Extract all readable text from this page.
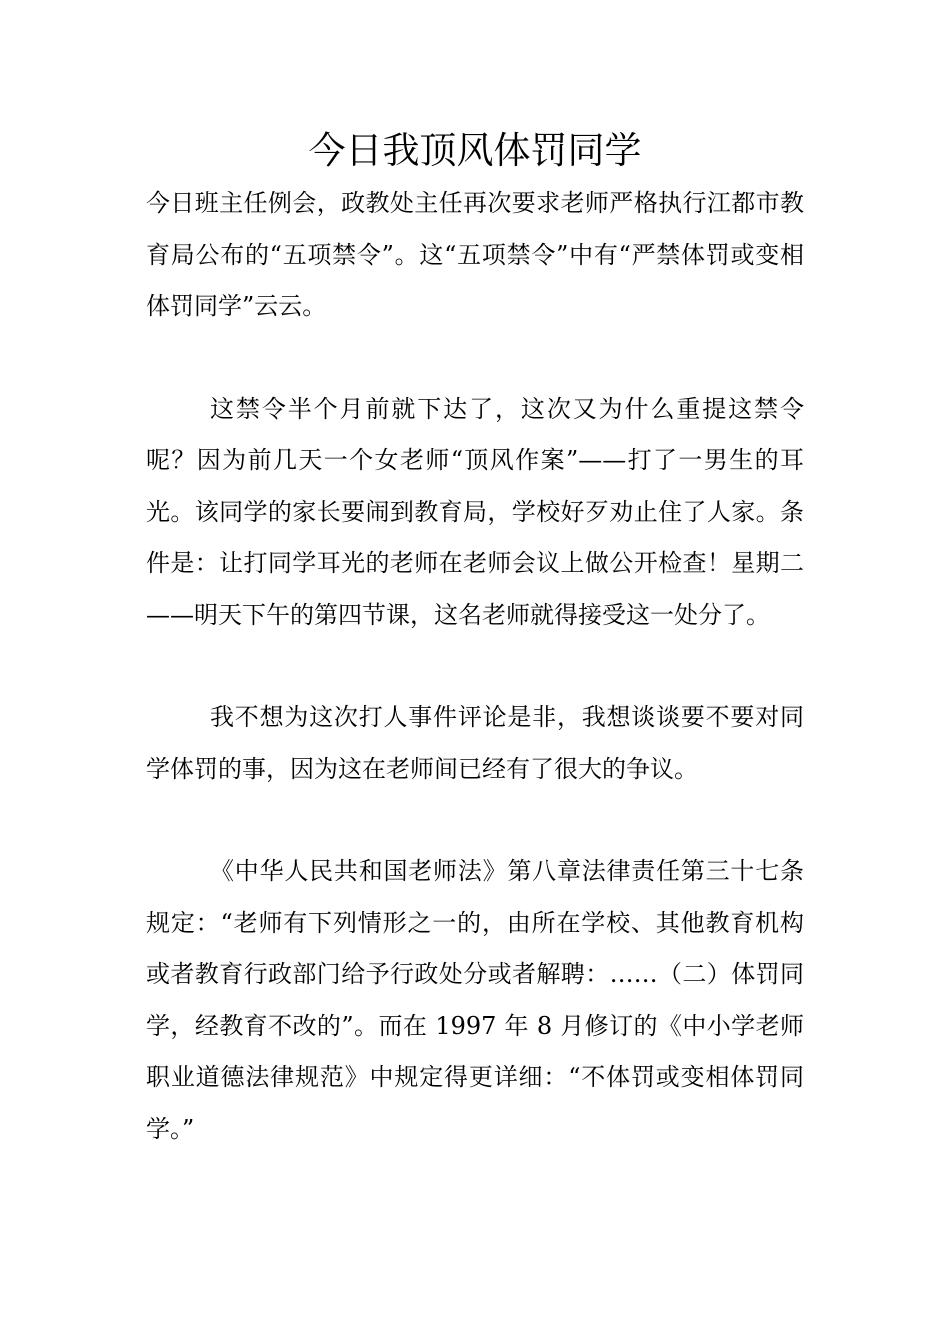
今日我顶风体罚同学

今日班主任例会，政教处主任再次要求老师严格执行江都市教育局公布的“五项禁令”。这“五项禁令”中有“严禁体罚或变相体罚同学”云云。

这禁令半个月前就下达了，这次又为什么重提这禁令呢？因为前几天一个女老师“顶风作案”——打了一男生的耳光。该同学的家长要闹到教育局，学校好歹劝止住了人家。条件是：让打同学耳光的老师在老师会议上做公开检查！星期二——明天下午的第四节课，这名老师就得接受这一处分了。

我不想为这次打人事件评论是非，我想谈谈要不要对同学体罚的事，因为这在老师间已经有了很大的争议。

《中华人民共和国老师法》第八章法律责任第三十七条规定：“老师有下列情形之一的，由所在学校、其他教育机构或者教育行政部门给予行政处分或者解聘：……（二）体罚同学，经教育不改的”。而在 1997 年 8 月修订的《中小学老师职业道德法律规范》中规定得更详细：“不体罚或变相体罚同学。”
